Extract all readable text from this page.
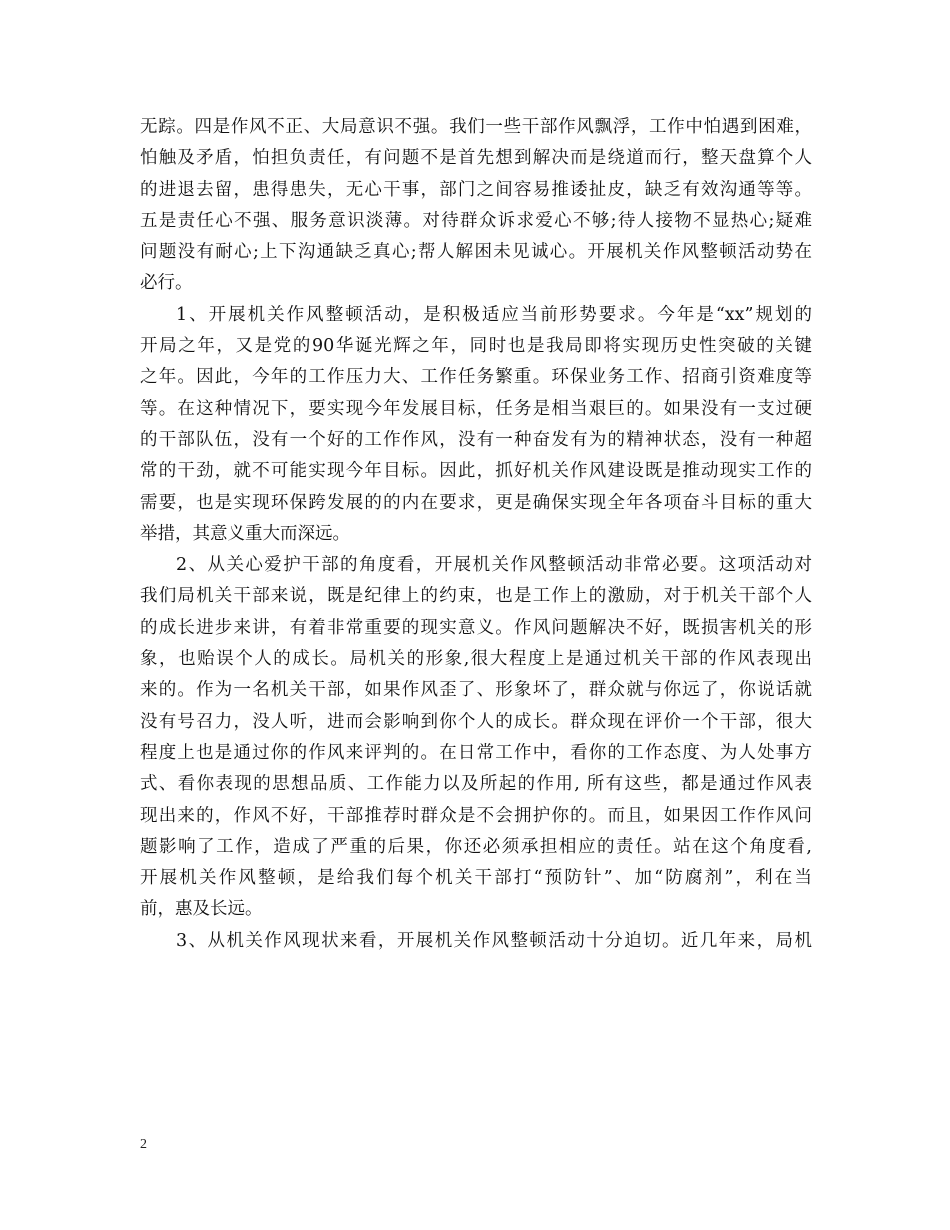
无踪。四是作风不正、大局意识不强。我们一些干部作风飘浮，工作中怕遇到困难，
怕触及矛盾，怕担负责任，有问题不是首先想到解决而是绕道而行，整天盘算个人
的进退去留，患得患失，无心干事，部门之间容易推诿扯皮，缺乏有效沟通等等。
五是责任心不强、服务意识淡薄。对待群众诉求爱心不够;待人接物不显热心;疑难
问题没有耐心;上下沟通缺乏真心;帮人解困未见诚心。开展机关作风整顿活动势在
必行。
1、开展机关作风整顿活动，是积极适应当前形势要求。今年是“xx”规划的
开局之年，又是党的90华诞光辉之年，同时也是我局即将实现历史性突破的关键
之年。因此，今年的工作压力大、工作任务繁重。环保业务工作、招商引资难度等
等。在这种情况下，要实现今年发展目标，任务是相当艰巨的。如果没有一支过硬
的干部队伍，没有一个好的工作作风，没有一种奋发有为的精神状态，没有一种超
常的干劲，就不可能实现今年目标。因此，抓好机关作风建设既是推动现实工作的
需要，也是实现环保跨发展的的内在要求，更是确保实现全年各项奋斗目标的重大
举措，其意义重大而深远。
2、从关心爱护干部的角度看，开展机关作风整顿活动非常必要。这项活动对
我们局机关干部来说，既是纪律上的约束，也是工作上的激励，对于机关干部个人
的成长进步来讲，有着非常重要的现实意义。作风问题解决不好，既损害机关的形
象，也贻误个人的成长。局机关的形象,很大程度上是通过机关干部的作风表现出
来的。作为一名机关干部，如果作风歪了、形象坏了，群众就与你远了，你说话就
没有号召力，没人听，进而会影响到你个人的成长。群众现在评价一个干部，很大
程度上也是通过你的作风来评判的。在日常工作中，看你的工作态度、为人处事方
式、看你表现的思想品质、工作能力以及所起的作用, 所有这些，都是通过作风表
现出来的，作风不好，干部推荐时群众是不会拥护你的。而且，如果因工作作风问
题影响了工作，造成了严重的后果，你还必须承担相应的责任。站在这个角度看,
开展机关作风整顿，是给我们每个机关干部打“预防针”、加“防腐剂”，利在当
前，惠及长远。
3、从机关作风现状来看，开展机关作风整顿活动十分迫切。近几年来，局机
2
